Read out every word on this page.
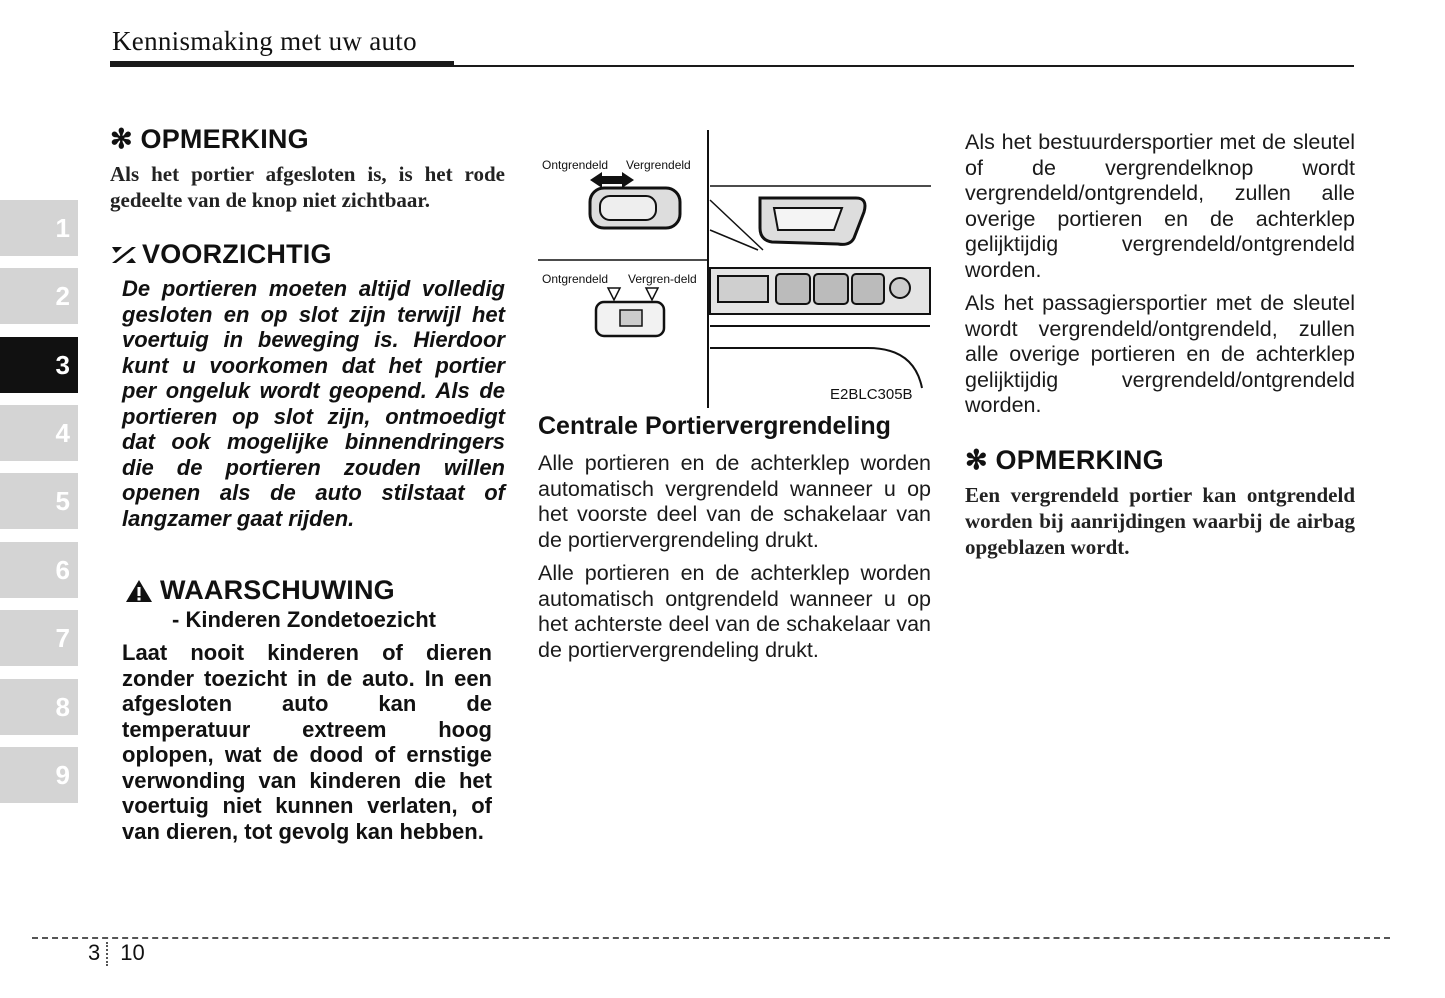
Kennismaking met uw auto
1
2
3
4
5
6
7
8
9
✻ OPMERKING
Als het portier afgesloten is, is het rode gedeelte van de knop niet zichtbaar.
VOORZICHTIG
De portieren moeten altijd volledig gesloten en op slot zijn terwijl het voertuig in beweging is. Hierdoor kunt u voorkomen dat het portier per ongeluk wordt geopend. Als de portieren op slot zijn, ontmoedigt dat ook mogelijke binnendringers die de portieren zouden willen openen als de auto stilstaat of langzamer gaat rijden.
WAARSCHUWING
- Kinderen Zondetoezicht
Laat nooit kinderen of dieren zonder toezicht in de auto. In een afgesloten auto kan de temperatuur extreem hoog oplopen, wat de dood of ernstige verwonding van kinderen die het voertuig niet kunnen verlaten, of van dieren, tot gevolg kan hebben.
Ontgrendeld Vergrendeld
Ontgrendeld Vergren-deld
E2BLC305B
Centrale Portiervergrendeling
Alle portieren en de achterklep worden automatisch vergrendeld wanneer u op het voorste deel van de schakelaar van de portiervergrendeling drukt.
Alle portieren en de achterklep worden automatisch ontgrendeld wanneer u op het achterste deel van de schakelaar van de portiervergrendeling drukt.
Als het bestuurdersportier met de sleutel of de vergrendelknop wordt vergrendeld/ontgrendeld, zullen alle overige portieren en de achterklep gelijktijdig vergrendeld/ontgrendeld worden.
Als het passagiersportier met de sleutel wordt vergrendeld/ontgrendeld, zullen alle overige portieren en de achterklep gelijktijdig vergrendeld/ontgrendeld worden.
✻ OPMERKING
Een vergrendeld portier kan ontgrendeld worden bij aanrijdingen waarbij de airbag opgeblazen wordt.
3 10
